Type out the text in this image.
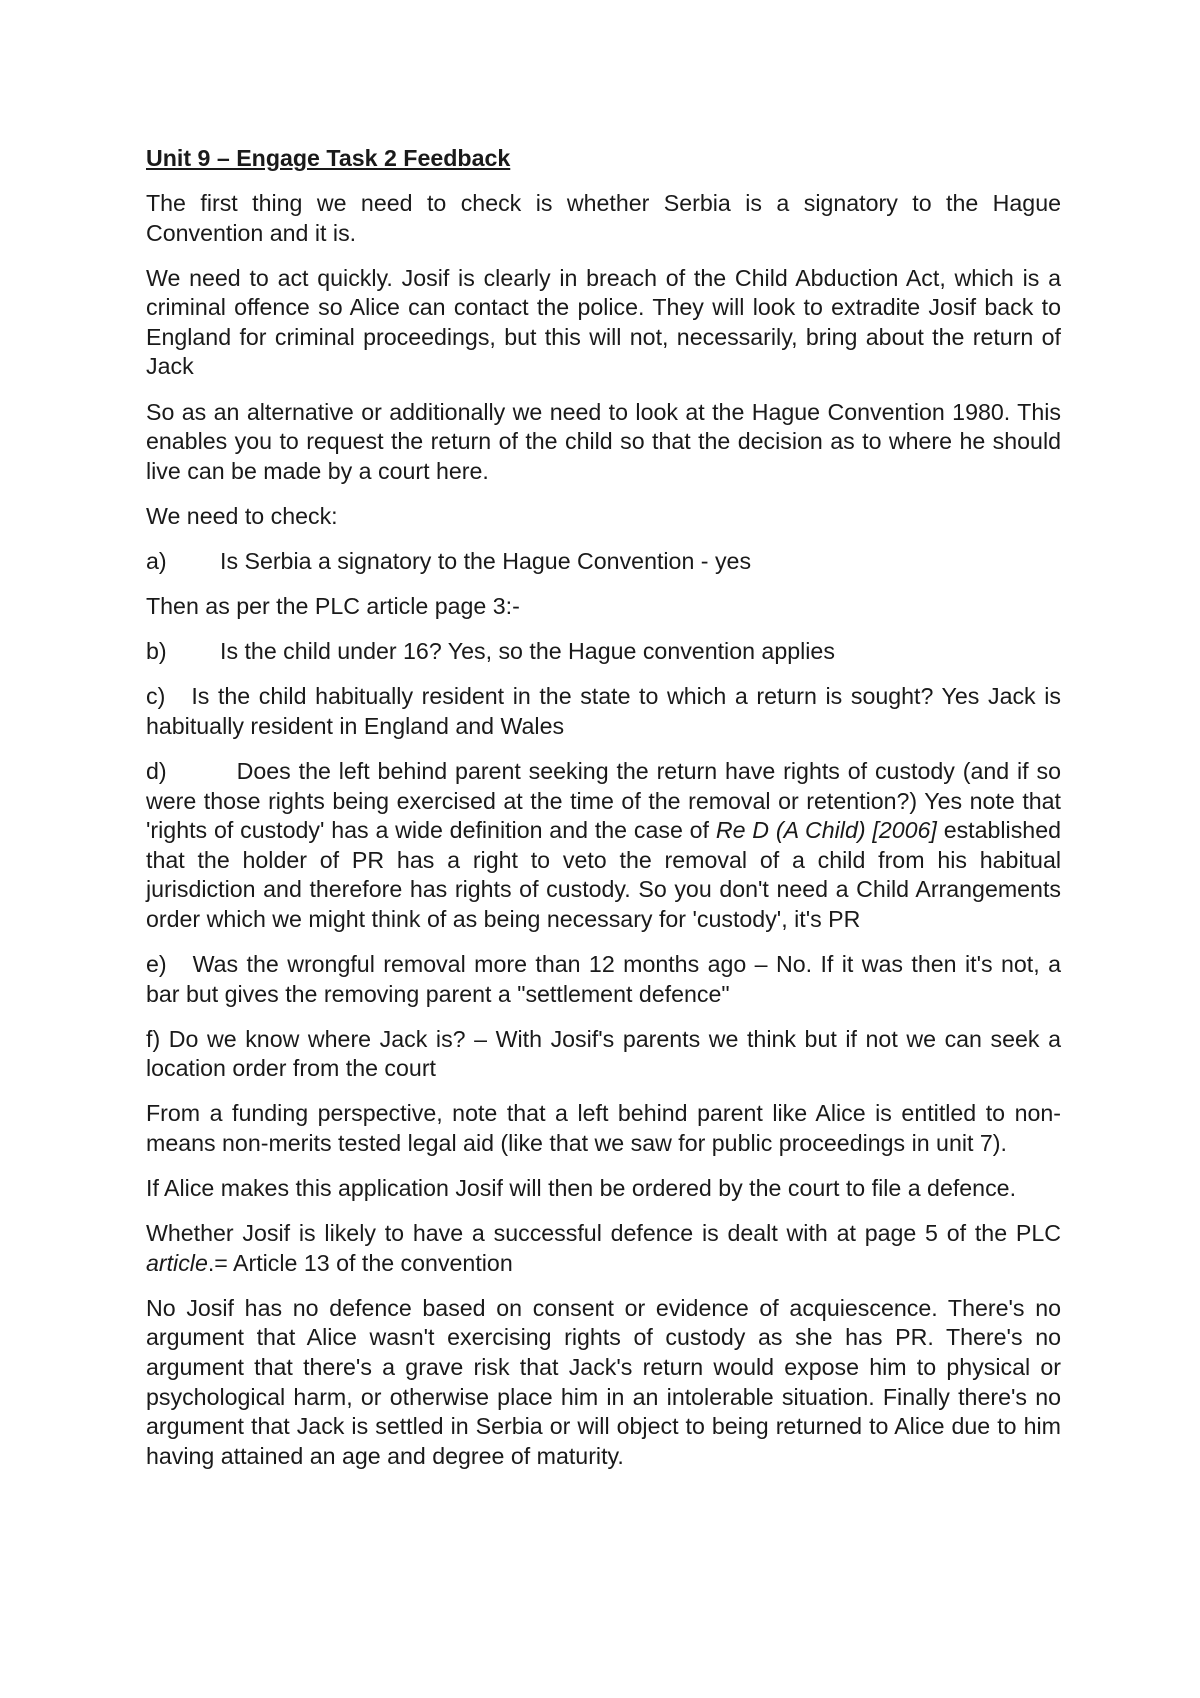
Unit 9 – Engage Task 2 Feedback

The first thing we need to check is whether Serbia is a signatory to the Hague Convention and it is.

We need to act quickly. Josif is clearly in breach of the Child Abduction Act, which is a criminal offence so Alice can contact the police. They will look to extradite Josif back to England for criminal proceedings, but this will not, necessarily, bring about the return of Jack

So as an alternative or additionally we need to look at the Hague Convention 1980. This enables you to request the return of the child so that the decision as to where he should live can be made by a court here.

We need to check:

a) Is Serbia a signatory to the Hague Convention - yes

Then as per the PLC article page 3:-

b) Is the child under 16? Yes, so the Hague convention applies

c) Is the child habitually resident in the state to which a return is sought? Yes Jack is habitually resident in England and Wales

d)	Does the left behind parent seeking the return have rights of custody (and if so were those rights being exercised at the time of the removal or retention?) Yes note that 'rights of custody' has a wide definition and the case of Re D (A Child) [2006] established that the holder of PR has a right to veto the removal of a child from his habitual jurisdiction and therefore has rights of custody. So you don't need a Child Arrangements order which we might think of as being necessary for 'custody', it's PR

e) Was the wrongful removal more than 12 months ago – No. If it was then it's not, a bar but gives the removing parent a "settlement defence"

f) Do we know where Jack is? – With Josif's parents we think but if not we can seek a location order from the court

From a funding perspective, note that a left behind parent like Alice is entitled to non-means non-merits tested legal aid (like that we saw for public proceedings in unit 7).

If Alice makes this application Josif will then be ordered by the court to file a defence.

Whether Josif is likely to have a successful defence is dealt with at page 5 of the PLC article.= Article 13 of the convention

No Josif has no defence based on consent or evidence of acquiescence. There's no argument that Alice wasn't exercising rights of custody as she has PR. There's no argument that there's a grave risk that Jack's return would expose him to physical or psychological harm, or otherwise place him in an intolerable situation. Finally there's no argument that Jack is settled in Serbia or will object to being returned to Alice due to him having attained an age and degree of maturity.
